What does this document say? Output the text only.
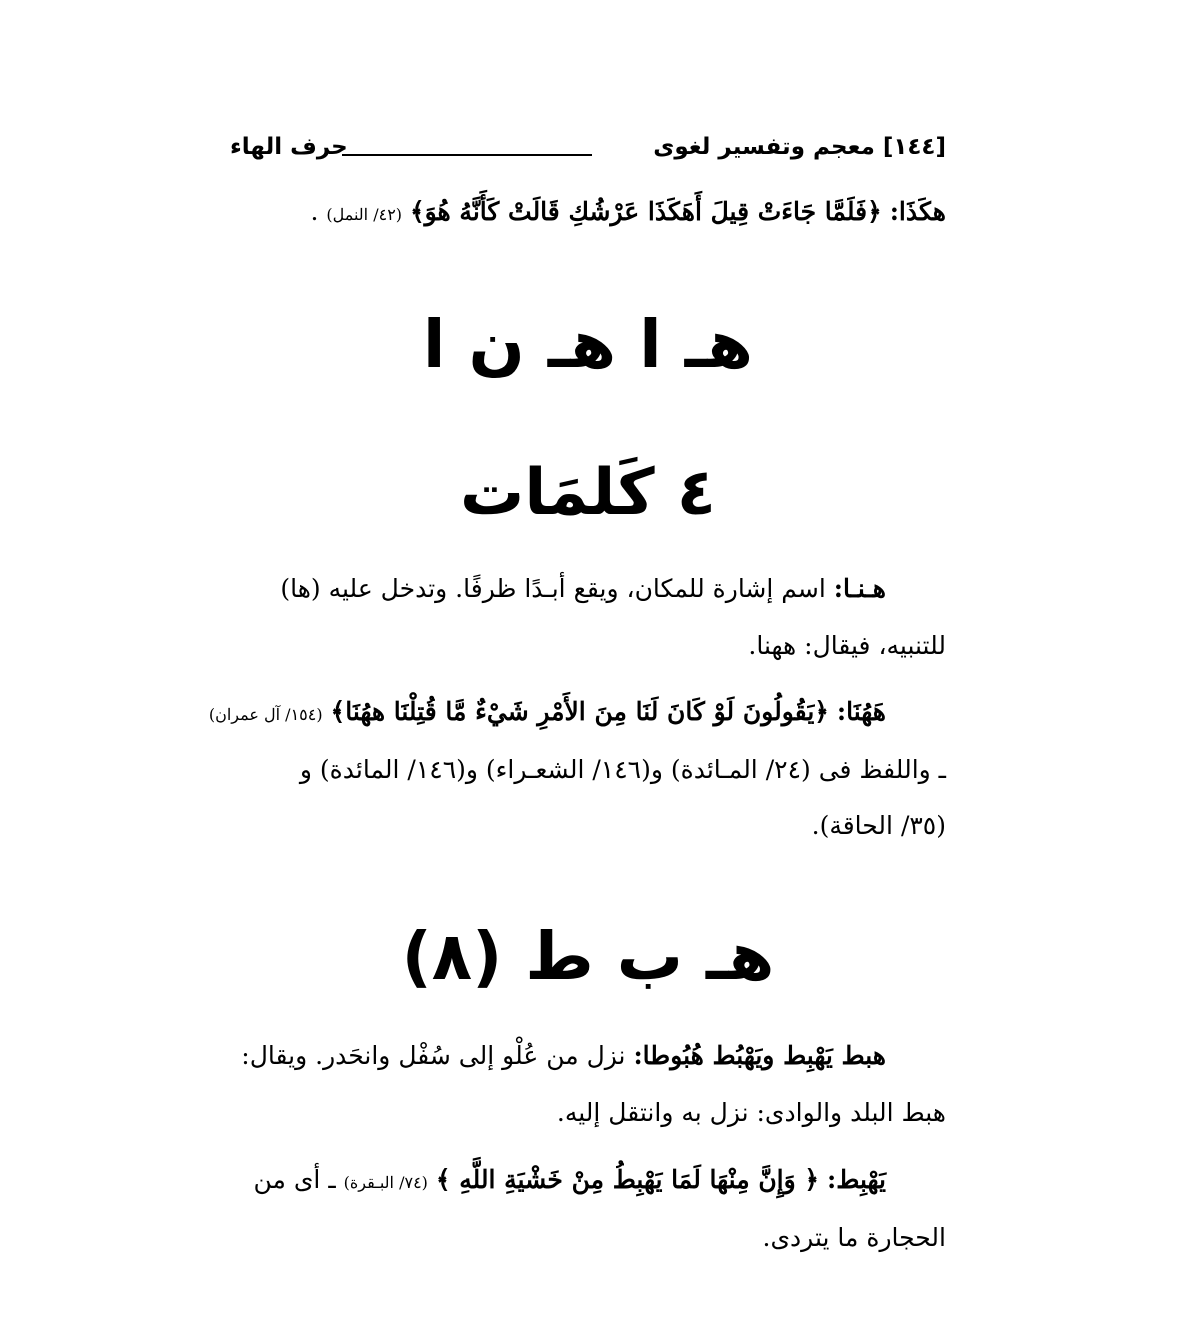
[١٤٤] معجم وتفسير لغوى
حرف الهاء
هكَذَا: ﴿فَلَمَّا جَاءَتْ قِيلَ أَهَكَذَا عَرْشُكِ قَالَتْ كَأَنَّهُ هُوَ﴾ (٤٢/ النمل) .
هـ ا هـ ن ا
٤ كَلمَات
هـنـا: اسم إشارة للمكان، ويقع أبـدًا ظرفًا. وتدخل عليه (ها)
للتنبيه، فيقال: ههنا.
هَهُنَا: ﴿يَقُولُونَ لَوْ كَانَ لَنَا مِنَ الأَمْرِ شَيْءٌ مَّا قُتِلْنَا ههُنَا﴾ (١٥٤/ آل عمران)
ـ واللفظ فى (٢٤/ المـائدة) و(١٤٦/ الشعـراء) و(١٤٦/ المائدة) و
(٣٥/ الحاقة).
هـ ب ط (٨)
هبط يَهْبِط ويَهْبُط هُبُوطا: نزل من عُلْو إلى سُفْل وانحَدر. ويقال:
هبط البلد والوادى: نزل به وانتقل إليه.
يَهْبِط: ﴿ وَإِنَّ مِنْهَا لَمَا يَهْبِطُ مِنْ خَشْيَةِ اللَّهِ ﴾ (٧٤/ البـقرة) ـ أى من
الحجارة ما يتردى.
